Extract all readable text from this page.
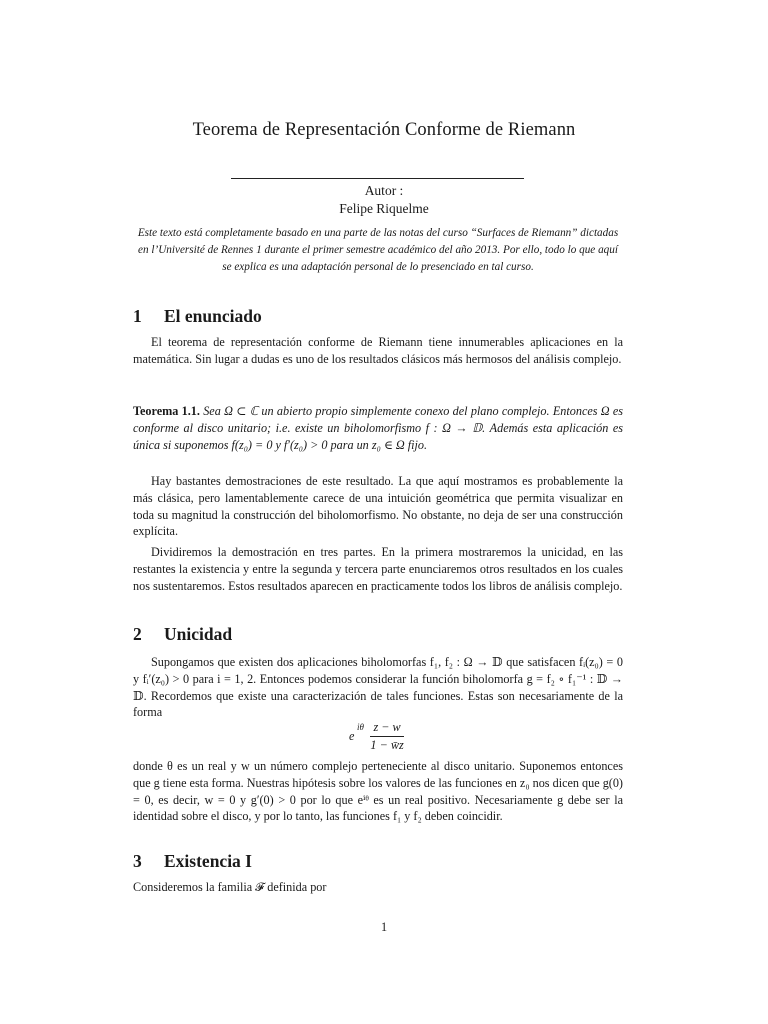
Teorema de Representación Conforme de Riemann
Autor :
Felipe Riquelme
Este texto está completamente basado en una parte de las notas del curso “Surfaces de Riemann” dictadas en l’Université de Rennes 1 durante el primer semestre académico del año 2013. Por ello, todo lo que aquí se explica es una adaptación personal de lo presenciado en tal curso.
1 El enunciado
El teorema de representación conforme de Riemann tiene innumerables aplicaciones en la matemática. Sin lugar a dudas es uno de los resultados clásicos más hermosos del análisis complejo.
Teorema 1.1. Sea Ω ⊂ ℂ un abierto propio simplemente conexo del plano complejo. Entonces Ω es conforme al disco unitario; i.e. existe un biholomorfismo f : Ω → 𝔻. Además esta aplicación es única si suponemos f(z₀) = 0 y f′(z₀) > 0 para un z₀ ∈ Ω fijo.
Hay bastantes demostraciones de este resultado. La que aquí mostramos es probablemente la más clásica, pero lamentablemente carece de una intuición geométrica que permita visualizar en toda su magnitud la construcción del biholomorfismo. No obstante, no deja de ser una construcción explícita.
Dividiremos la demostración en tres partes. En la primera mostraremos la unicidad, en las restantes la existencia y entre la segunda y tercera parte enunciaremos otros resultados en los cuales nos sustentaremos. Estos resultados aparecen en practicamente todos los libros de análisis complejo.
2 Unicidad
Supongamos que existen dos aplicaciones biholomorfas f₁, f₂ : Ω → 𝔻 que satisfacen fᵢ(z₀) = 0 y fᵢ′(z₀) > 0 para i = 1, 2. Entonces podemos considerar la función biholomorfa g = f₂ ∘ f₁⁻¹ : 𝔻 → 𝔻. Recordemos que existe una caracterización de tales funciones. Estas son necesariamente de la forma
e
iθ $\frac{z - w}{1 - w̄z}$
donde θ es un real y w un número complejo perteneciente al disco unitario. Suponemos entonces que g tiene esta forma. Nuestras hipótesis sobre los valores de las funciones en z₀ nos dicen que g(0) = 0, es decir, w = 0 y g′(0) > 0 por lo que eⁱᶿ es un real positivo. Necesariamente g debe ser la identidad sobre el disco, y por lo tanto, las funciones f₁ y f₂ deben coincidir.
3 Existencia I
Consideremos la familia 𝓕 definida por
1
